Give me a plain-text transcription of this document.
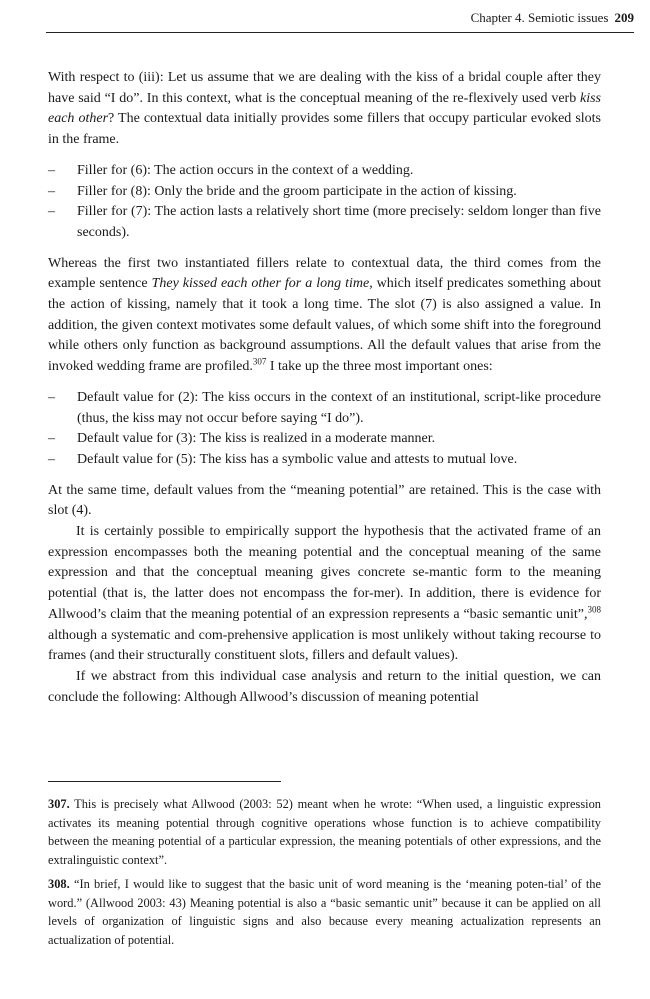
Chapter 4. Semiotic issues 209

With respect to (iii): Let us assume that we are dealing with the kiss of a bridal couple after they have said “I do”. In this context, what is the conceptual meaning of the re-flexively used verb kiss each other? The contextual data initially provides some fillers that occupy particular evoked slots in the frame.

– Filler for (6): The action occurs in the context of a wedding.
– Filler for (8): Only the bride and the groom participate in the action of kissing.
– Filler for (7): The action lasts a relatively short time (more precisely: seldom longer than five seconds).

Whereas the first two instantiated fillers relate to contextual data, the third comes from the example sentence They kissed each other for a long time, which itself predicates something about the action of kissing, namely that it took a long time. The slot (7) is also assigned a value. In addition, the given context motivates some default values, of which some shift into the foreground while others only function as background assumptions. All the default values that arise from the invoked wedding frame are profiled.$^{307}$ I take up the three most important ones:

– Default value for (2): The kiss occurs in the context of an institutional, script-like procedure (thus, the kiss may not occur before saying “I do”).
– Default value for (3): The kiss is realized in a moderate manner.
– Default value for (5): The kiss has a symbolic value and attests to mutual love.

At the same time, default values from the “meaning potential” are retained. This is the case with slot (4).

It is certainly possible to empirically support the hypothesis that the activated frame of an expression encompasses both the meaning potential and the conceptual meaning of the same expression and that the conceptual meaning gives concrete se-mantic form to the meaning potential (that is, the latter does not encompass the for-mer). In addition, there is evidence for Allwood’s claim that the meaning potential of an expression represents a “basic semantic unit”,$^{308}$ although a systematic and com-prehensive application is most unlikely without taking recourse to frames (and their structurally constituent slots, fillers and default values).

If we abstract from this individual case analysis and return to the initial question, we can conclude the following: Although Allwood’s discussion of meaning potential

307. This is precisely what Allwood (2003: 52) meant when he wrote: “When used, a linguistic expression activates its meaning potential through cognitive operations whose function is to achieve compatibility between the meaning potential of a particular expression, the meaning potentials of other expressions, and the extralinguistic context”.

308. “In brief, I would like to suggest that the basic unit of word meaning is the ‘meaning poten-tial’ of the word.” (Allwood 2003: 43) Meaning potential is also a “basic semantic unit” because it can be applied on all levels of organization of linguistic signs and also because every meaning actualization represents an actualization of potential.
